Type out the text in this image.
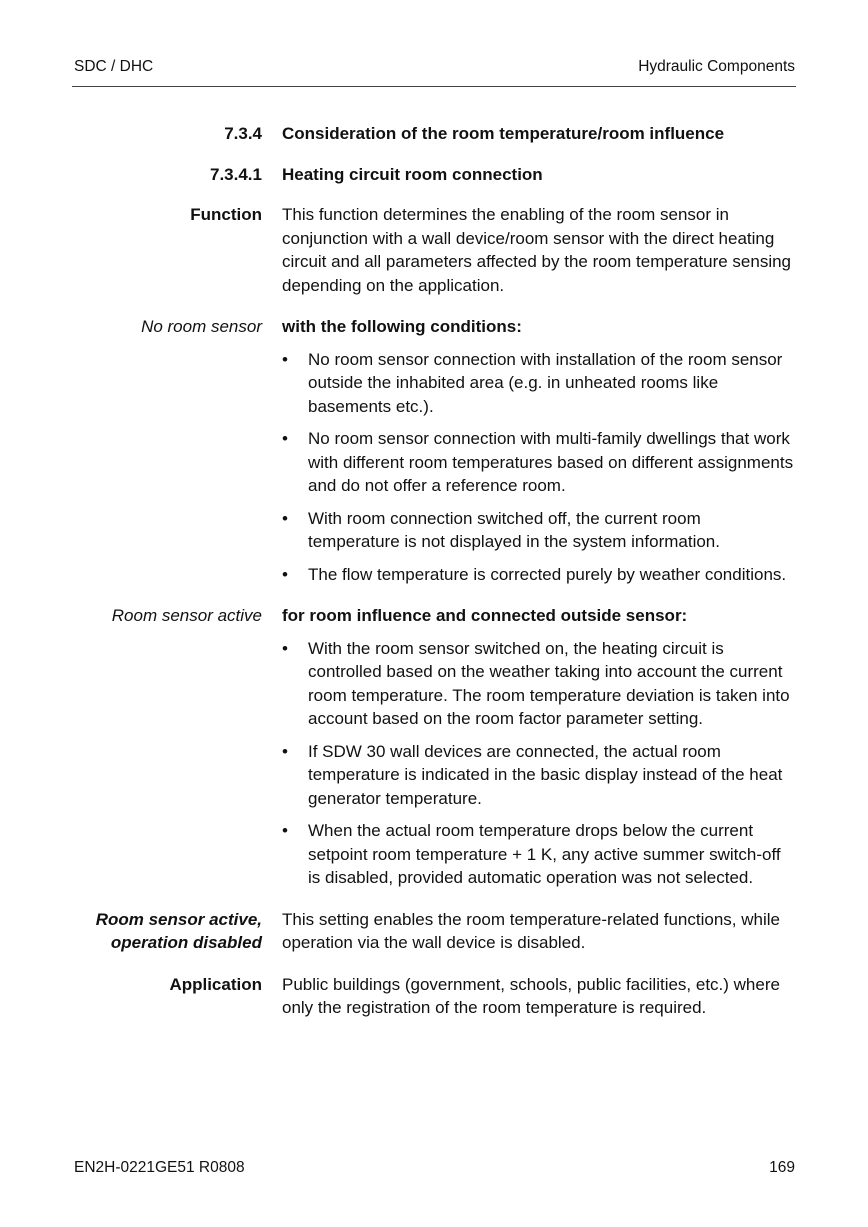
SDC / DHC	Hydraulic Components
7.3.4 Consideration of the room temperature/room influence
7.3.4.1 Heating circuit room connection
Function This function determines the enabling of the room sensor in conjunction with a wall device/room sensor with the direct heating circuit and all parameters affected by the room temperature sensing depending on the application.
No room sensor with the following conditions:
• No room sensor connection with installation of the room sensor outside the inhabited area (e.g. in unheated rooms like basements etc.).
• No room sensor connection with multi-family dwellings that work with different room temperatures based on different assignments and do not offer a reference room.
• With room connection switched off, the current room temperature is not displayed in the system information.
• The flow temperature is corrected purely by weather conditions.
Room sensor active for room influence and connected outside sensor:
• With the room sensor switched on, the heating circuit is controlled based on the weather taking into account the current room temperature. The room temperature deviation is taken into account based on the room factor parameter setting.
• If SDW 30 wall devices are connected, the actual room temperature is indicated in the basic display instead of the heat generator temperature.
• When the actual room temperature drops below the current setpoint room temperature + 1 K, any active summer switch-off is disabled, provided automatic operation was not selected.
Room sensor active,
operation disabled
This setting enables the room temperature-related functions, while operation via the wall device is disabled.
Application Public buildings (government, schools, public facilities, etc.) where only the registration of the room temperature is required.
EN2H-0221GE51 R0808	169
